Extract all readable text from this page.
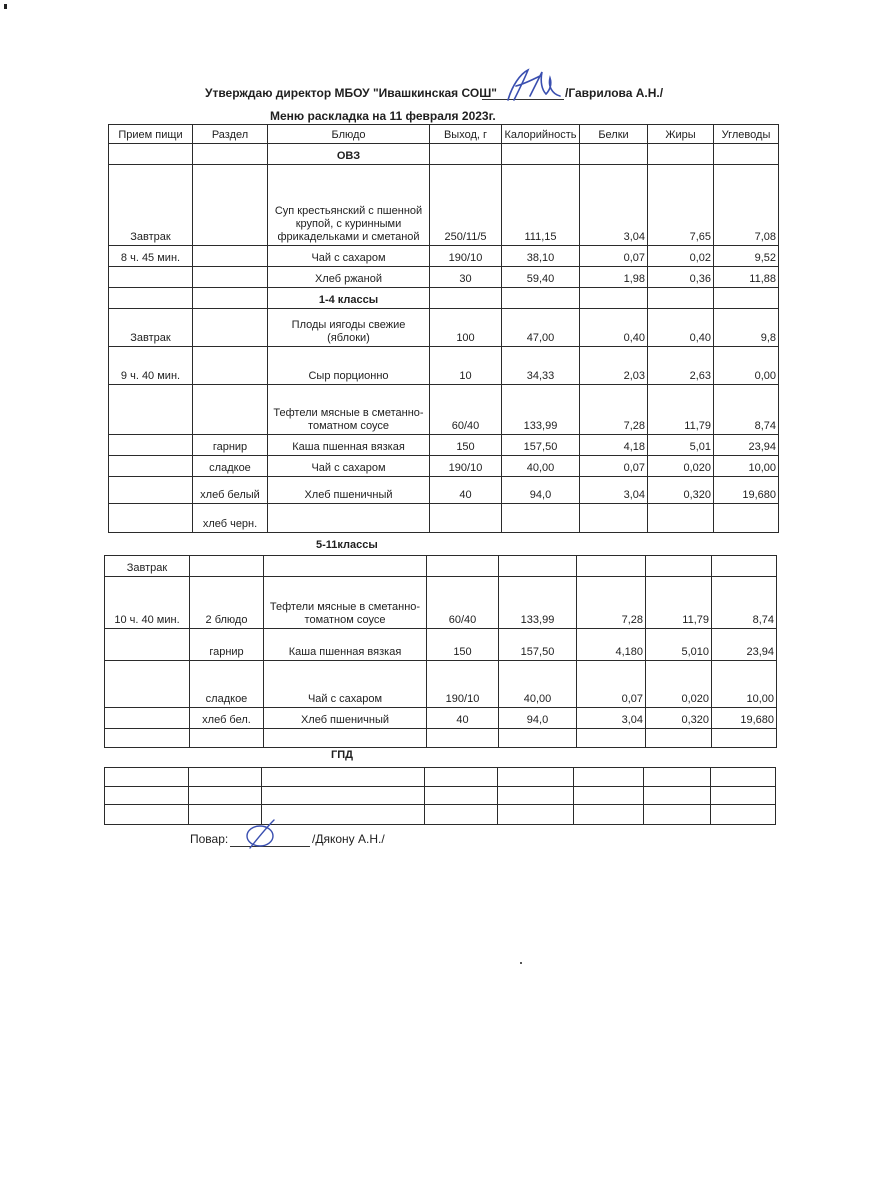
Утверждаю директор МБОУ "Ивашкинская СОШ"	/Гаврилова А.Н./
Меню раскладка на 11 февраля 2023г.
Прием пищи	Раздел	Блюдо	Выход, г	Калорийность	Белки	Жиры	Углеводы
		ОВЗ					
Завтрак		Суп крестьянский с пшенной крупой, с куринными фрикадельками и сметаной	250/11/5	111,15	3,04	7,65	7,08
8 ч. 45 мин.		Чай с сахаром	190/10	38,10	0,07	0,02	9,52
		Хлеб ржаной	30	59,40	1,98	0,36	11,88
		1-4 классы					
Завтрак		Плоды иягоды свежие (яблоки)	100	47,00	0,40	0,40	9,8
9 ч. 40 мин.		Сыр порционно	10	34,33	2,03	2,63	0,00
		Тефтели мясные в сметанно-томатном соусе	60/40	133,99	7,28	11,79	8,74
	гарнир	Каша пшенная вязкая	150	157,50	4,18	5,01	23,94
	сладкое	Чай с сахаром	190/10	40,00	0,07	0,020	10,00
	хлеб белый	Хлеб пшеничный	40	94,0	3,04	0,320	19,680
	хлеб черн.						
5-11классы
Завтрак							
10 ч. 40 мин.	2 блюдо	Тефтели мясные в сметанно-томатном соусе	60/40	133,99	7,28	11,79	8,74
	гарнир	Каша пшенная вязкая	150	157,50	4,180	5,010	23,94
	сладкое	Чай с сахаром	190/10	40,00	0,07	0,020	10,00
	хлеб бел.	Хлеб пшеничный	40	94,0	3,04	0,320	19,680

ГПД

Повар:	/Дякону А.Н./
